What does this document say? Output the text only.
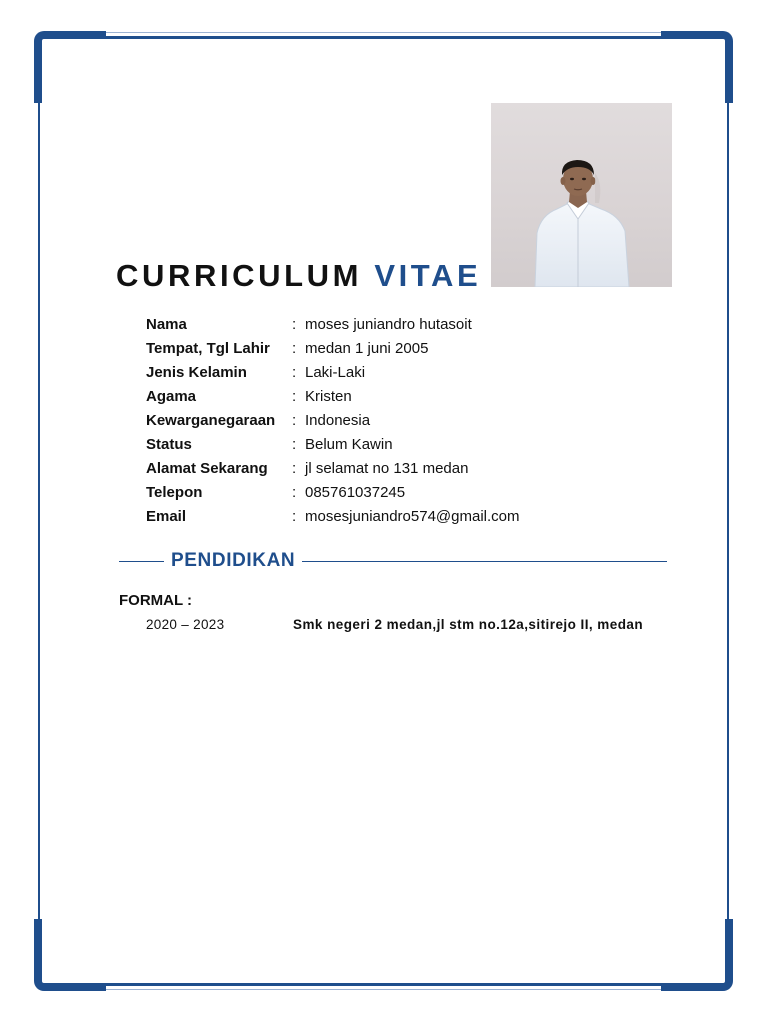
CURRICULUM VITAE
Nama	: moses juniandro hutasoit
Tempat, Tgl Lahir	: medan 1 juni 2005
Jenis Kelamin	: Laki-Laki
Agama	: Kristen
Kewarganegaraan	: Indonesia
Status	: Belum Kawin
Alamat Sekarang	: jl selamat no 131 medan
Telepon	: 085761037245
Email	: mosesjuniandro574@gmail.com
PENDIDIKAN
FORMAL :
2020 – 2023	Smk negeri 2 medan,jl stm no.12a,sitirejo II, medan
